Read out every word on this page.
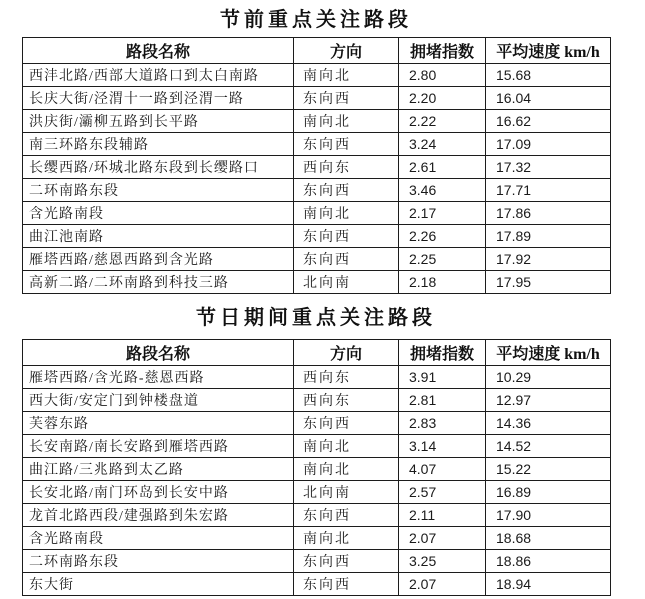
节前重点关注路段
路段名称	方向	拥堵指数	平均速度 km/h
西沣北路/西部大道路口到太白南路	南向北	2.80	15.68
长庆大街/泾渭十一路到泾渭一路	东向西	2.20	16.04
洪庆街/灞柳五路到长平路	南向北	2.22	16.62
南三环路东段辅路	东向西	3.24	17.09
长缨西路/环城北路东段到长缨路口	西向东	2.61	17.32
二环南路东段	东向西	3.46	17.71
含光路南段	南向北	2.17	17.86
曲江池南路	东向西	2.26	17.89
雁塔西路/慈恩西路到含光路	东向西	2.25	17.92
高新二路/二环南路到科技三路	北向南	2.18	17.95
节日期间重点关注路段
路段名称	方向	拥堵指数	平均速度 km/h
雁塔西路/含光路-慈恩西路	西向东	3.91	10.29
西大街/安定门到钟楼盘道	西向东	2.81	12.97
芙蓉东路	东向西	2.83	14.36
长安南路/南长安路到雁塔西路	南向北	3.14	14.52
曲江路/三兆路到太乙路	南向北	4.07	15.22
长安北路/南门环岛到长安中路	北向南	2.57	16.89
龙首北路西段/建强路到朱宏路	东向西	2.11	17.90
含光路南段	南向北	2.07	18.68
二环南路东段	东向西	3.25	18.86
东大街	东向西	2.07	18.94
